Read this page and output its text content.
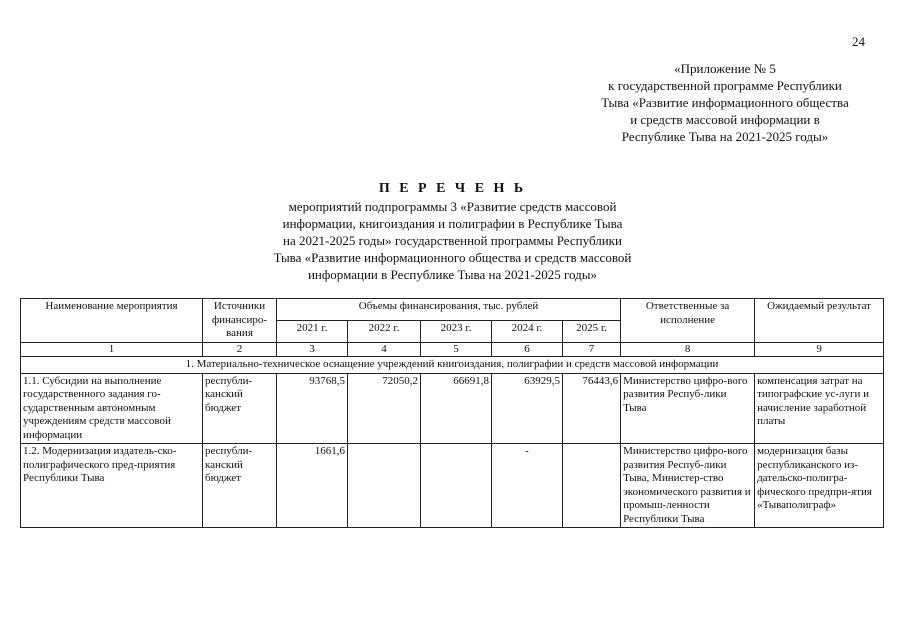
24
«Приложение № 5
к государственной программе Республики
Тыва «Развитие информационного общества
и средств массовой информации в
Республике Тыва на 2021-2025 годы»
П Е Р Е Ч Е Н Ь
мероприятий подпрограммы 3 «Развитие средств массовой
информации, книгоиздания и полиграфии в Республике Тыва
на 2021-2025 годы» государственной программы Республики
Тыва «Развитие информационного общества и средств массовой
информации в Республике Тыва на 2021-2025 годы»
Наименование мероприятия	Источники финансиро-вания	Объемы финансирования, тыс. рублей					Ответственные за исполнение	Ожидаемый результат
		2021 г.	2022 г.	2023 г.	2024 г.	2025 г.		
1	2	3	4	5	6	7	8	9
1. Материально-техническое оснащение учреждений книгоиздания, полиграфии и средств массовой информации								
1.1. Субсидии на выполнение государственного задания го-сударственным автономным учреждениям средств массовой информации	республи-канский бюджет	93768,5	72050,2	66691,8	63929,5	76443,6	Министерство цифро-вого развития Респуб-лики Тыва	компенсация затрат на типографские ус-луги и начисление заработной платы
1.2. Модернизация издатель-ско-полиграфического пред-приятия Республики Тыва	республи-канский бюджет	1661,6			-		Министерство цифро-вого развития Респуб-лики Тыва, Министер-ство экономического развития и промыш-ленности Республики Тыва	модернизация базы республиканского из-дательско-полигра-фического предпри-ятия «Тываполиграф»
